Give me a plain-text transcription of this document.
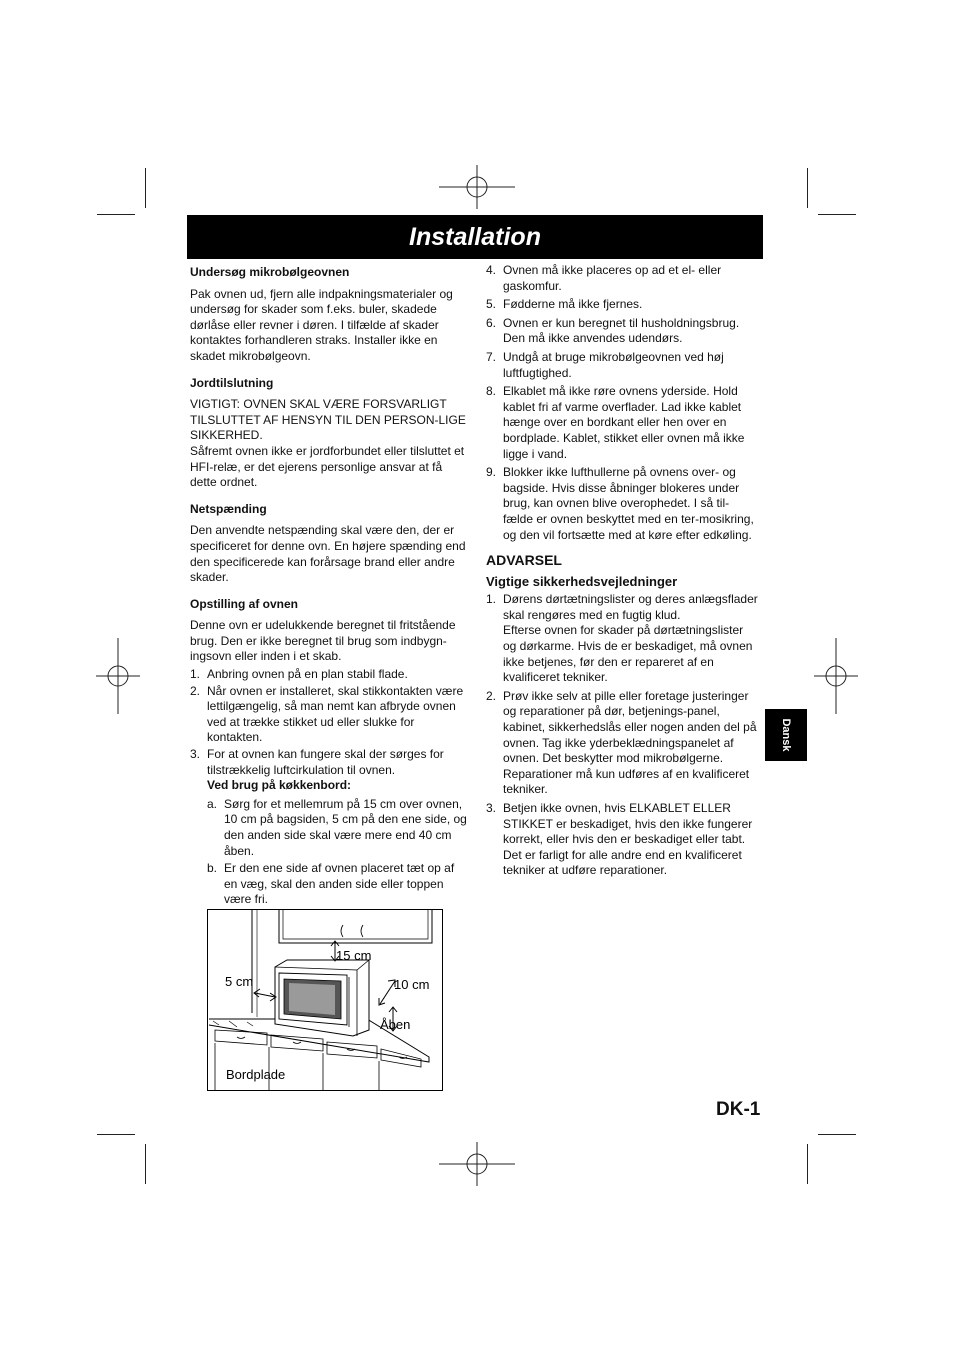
Installation

Undersøg mikrobølgeovnen

Pak ovnen ud, fjern alle indpakningsmaterialer og undersøg for skader som f.eks. buler, skadede dørlåse eller revner i døren. I tilfælde af skader kontaktes forhandleren straks. Installer ikke en skadet mikrobølgeovn.

Jordtilslutning

VIGTIGT: OVNEN SKAL VÆRE FORSVARLIGT TILSLUTTET AF HENSYN TIL DEN PERSON-LIGE SIKKERHED.

Såfremt ovnen ikke er jordforbundet eller tilsluttet et HFI-relæ, er det ejerens personlige ansvar at få dette ordnet.

Netspænding

Den anvendte netspænding skal være den, der er specificeret for denne ovn. En højere spænding end den specificerede kan forårsage brand eller andre skader.

Opstilling af ovnen

Denne ovn er udelukkende beregnet til fritstående brug. Den er ikke beregnet til brug som indbygn-ingsovn eller inden i et skab.

1. Anbring ovnen på en plan stabil flade.
2. Når ovnen er installeret, skal stikkontakten være lettilgængelig, så man nemt kan afbryde ovnen ved at trække stikket ud eller slukke for kontakten.
3. For at ovnen kan fungere skal der sørges for tilstrækkelig luftcirkulation til ovnen.
Ved brug på køkkenbord:
a. Sørg for et mellemrum på 15 cm over ovnen, 10 cm på bagsiden, 5 cm på den ene side, og den anden side skal være mere end 40 cm åben.
b. Er den ene side af ovnen placeret tæt op af en væg, skal den anden side eller toppen være fri.
15 cm
5 cm	10 cm
Åben
Bordplade
4. Ovnen må ikke placeres op ad et el- eller gaskomfur.
5. Fødderne må ikke fjernes.
6. Ovnen er kun beregnet til husholdningsbrug. Den må ikke anvendes udendørs.
7. Undgå at bruge mikrobølgeovnen ved høj luftfugtighed.
8. Elkablet må ikke røre ovnens yderside. Hold kablet fri af varme overflader. Lad ikke kablet hænge over en bordkant eller hen over en bordplade. Kablet, stikket eller ovnen må ikke ligge i vand.
9. Blokker ikke lufthullerne på ovnens over- og bagside. Hvis disse åbninger blokeres under brug, kan ovnen blive overophedet. I så til-fælde er ovnen beskyttet med en ter-mosikring, og den vil fortsætte med at køre efter edkøling.
ADVARSEL
Vigtige sikkerhedsvejledninger
1. Dørens dørtætningslister og deres anlægsflader skal rengøres med en fugtig klud.
Efterse ovnen for skader på dørtætningslister og dørkarme. Hvis de er beskadiget, må ovnen ikke betjenes, før den er repareret af en kvalificeret tekniker.
2. Prøv ikke selv at pille eller foretage justeringer og reparationer på dør, betjenings-panel, kabinet, sikkerhedslås eller nogen anden del på ovnen. Tag ikke yderbeklædningspanelet af ovnen. Det beskytter mod mikrobølgerne.
Reparationer må kun udføres af en kvalificeret tekniker.
3. Betjen ikke ovnen, hvis ELKABLET ELLER STIKKET er beskadiget, hvis den ikke fungerer korrekt, eller hvis den er beskadiget eller tabt. Det er farligt for alle andre end en kvalificeret tekniker at udføre reparationer.
Dansk
DK-1
